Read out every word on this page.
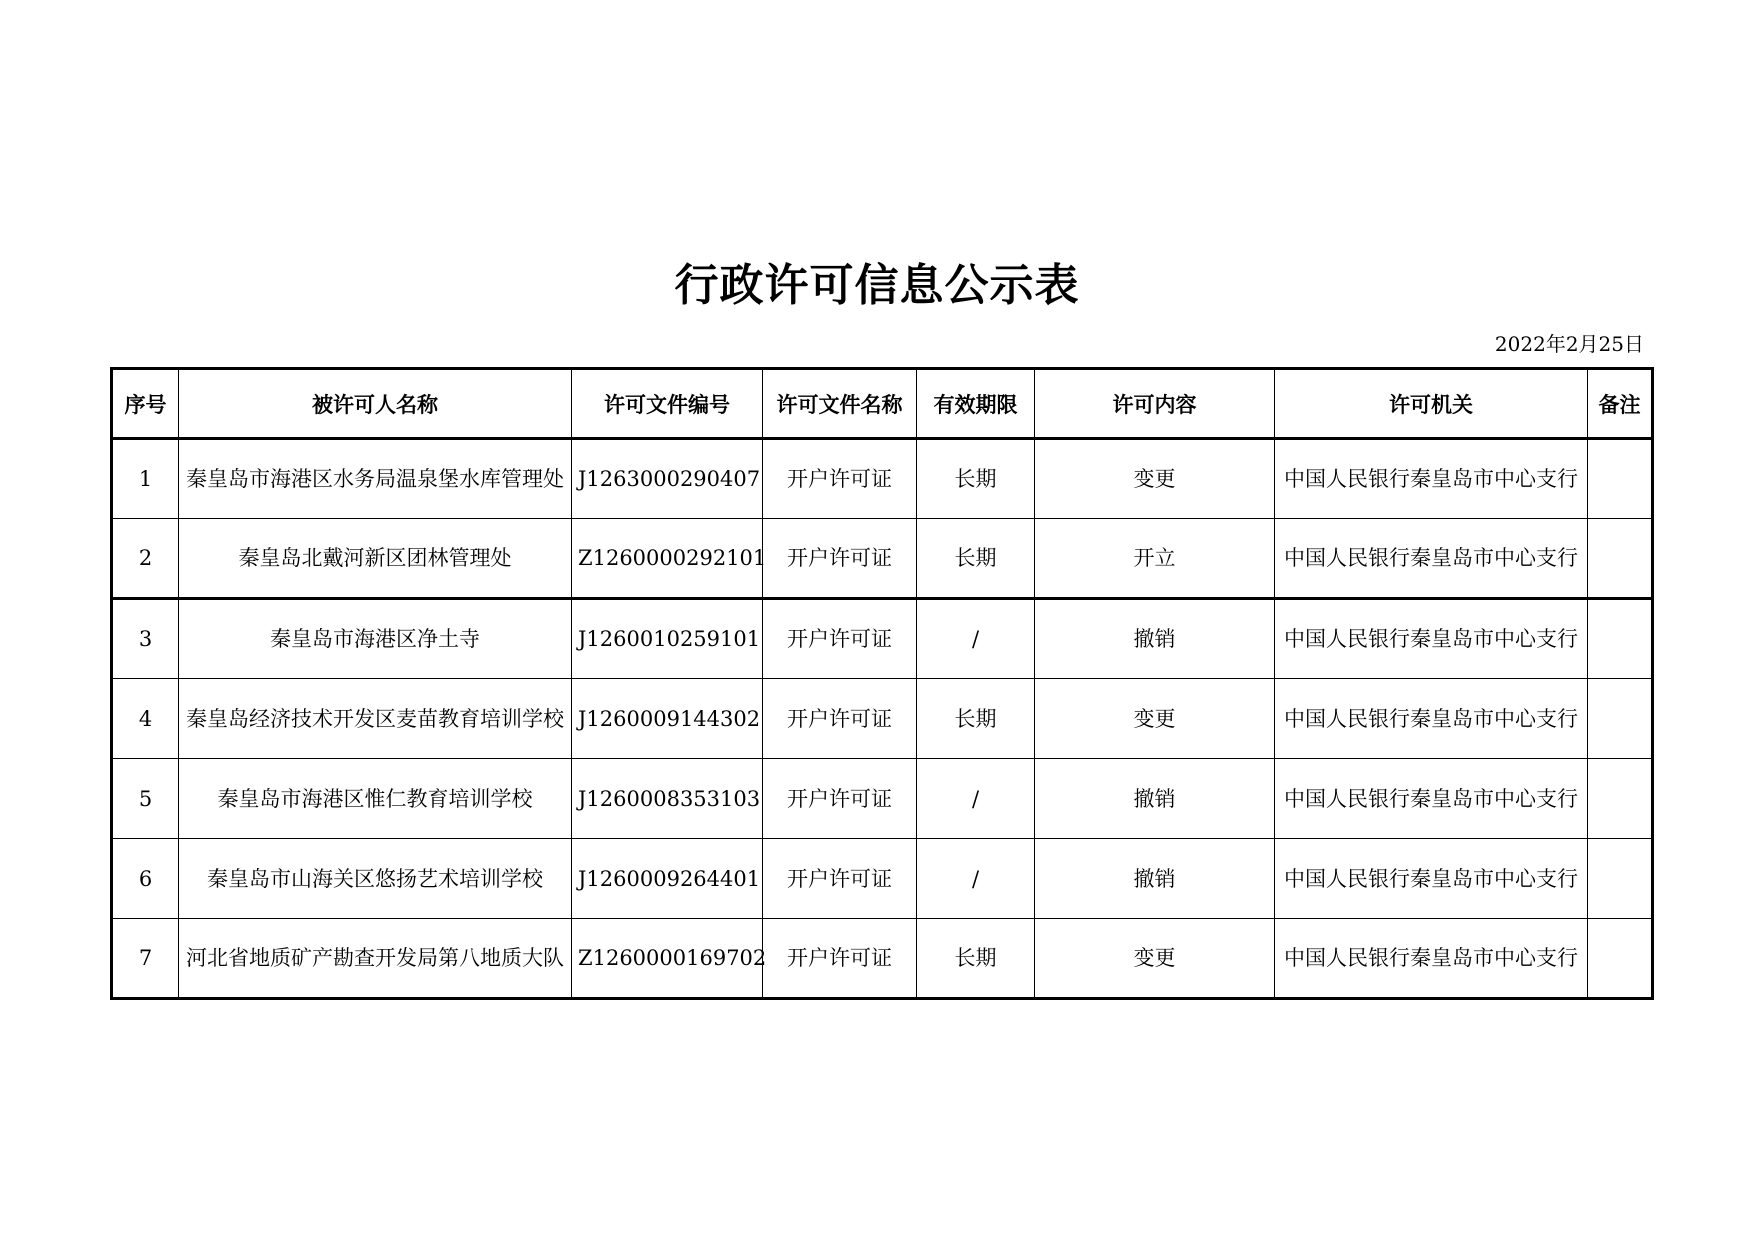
行政许可信息公示表
2022年2月25日
序号	被许可人名称	许可文件编号	许可文件名称	有效期限	许可内容	许可机关	备注
1	秦皇岛市海港区水务局温泉堡水库管理处	J1263000290407	开户许可证	长期	变更	中国人民银行秦皇岛市中心支行	
2	秦皇岛北戴河新区团林管理处	Z1260000292101	开户许可证	长期	开立	中国人民银行秦皇岛市中心支行	
3	秦皇岛市海港区净土寺	J1260010259101	开户许可证	/	撤销	中国人民银行秦皇岛市中心支行	
4	秦皇岛经济技术开发区麦苗教育培训学校	J1260009144302	开户许可证	长期	变更	中国人民银行秦皇岛市中心支行	
5	秦皇岛市海港区惟仁教育培训学校	J1260008353103	开户许可证	/	撤销	中国人民银行秦皇岛市中心支行	
6	秦皇岛市山海关区悠扬艺术培训学校	J1260009264401	开户许可证	/	撤销	中国人民银行秦皇岛市中心支行	
7	河北省地质矿产勘查开发局第八地质大队	Z1260000169702	开户许可证	长期	变更	中国人民银行秦皇岛市中心支行	
